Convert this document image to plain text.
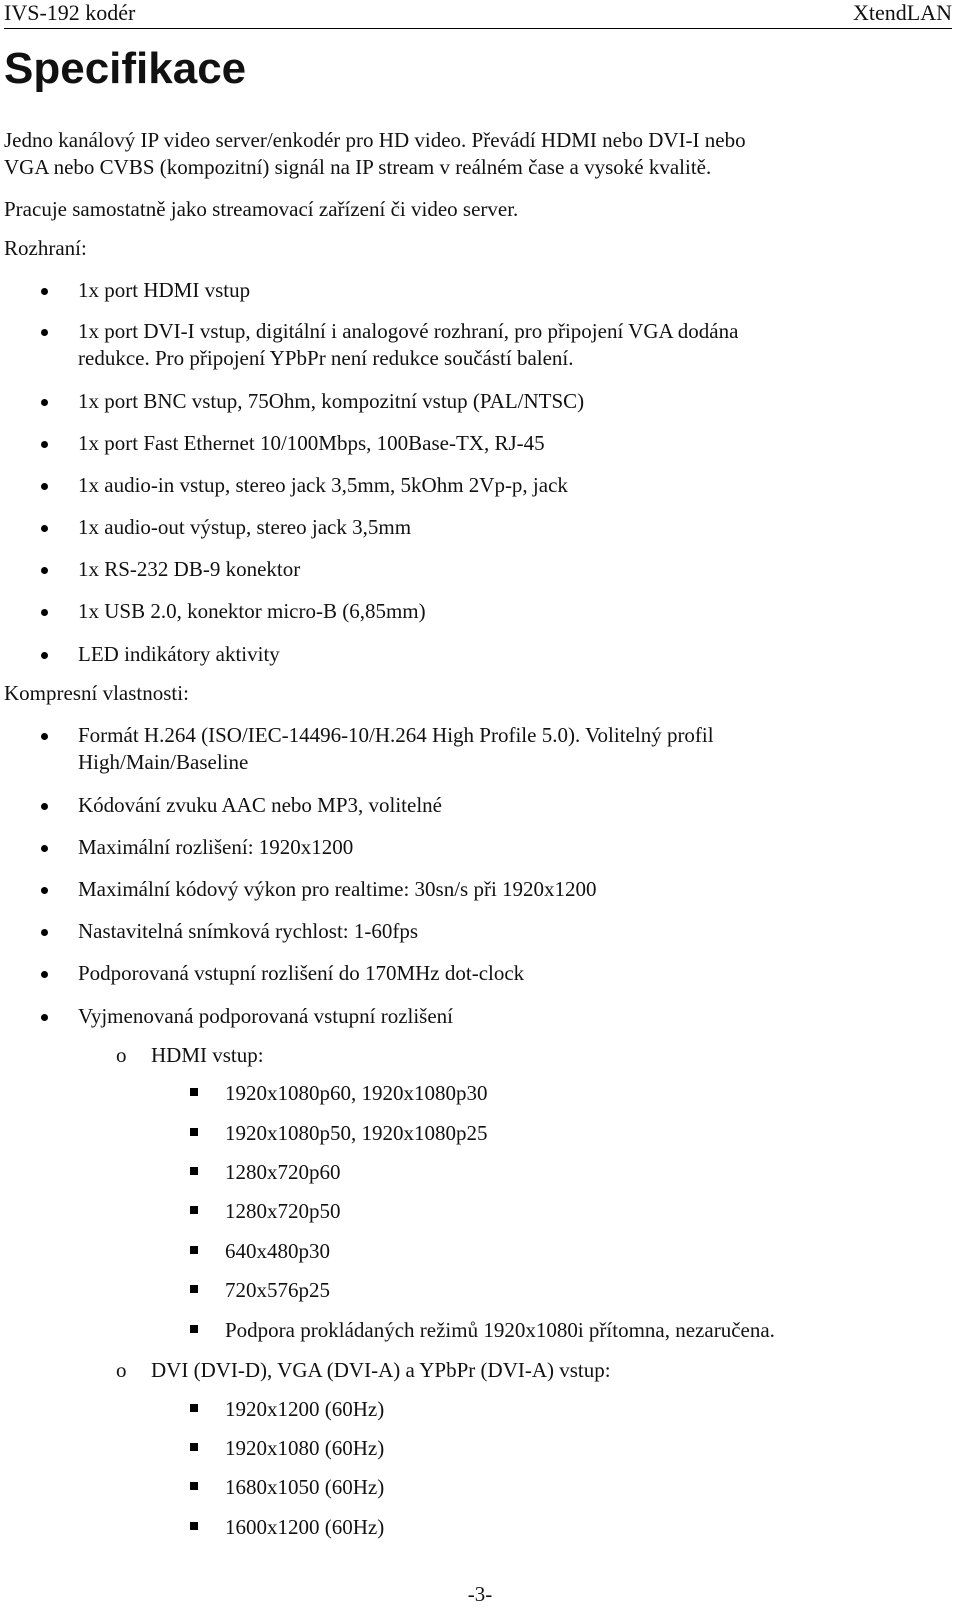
IVS-192 kodér	XtendLAN
Specifikace
Jedno kanálový IP video server/enkodér pro HD video. Převádí HDMI nebo DVI-I nebo
VGA nebo CVBS (kompozitní) signál na IP stream v reálném čase a vysoké kvalitě.
Pracuje samostatně jako streamovací zařízení či video server.
Rozhraní:
1x port HDMI vstup
1x port DVI-I vstup, digitální i analogové rozhraní, pro připojení VGA dodána
redukce. Pro připojení YPbPr není redukce součástí balení.
1x port BNC vstup, 75Ohm, kompozitní vstup (PAL/NTSC)
1x port Fast Ethernet 10/100Mbps, 100Base-TX, RJ-45
1x audio-in vstup, stereo jack 3,5mm, 5kOhm 2Vp-p, jack
1x audio-out výstup, stereo jack 3,5mm
1x RS-232 DB-9 konektor
1x USB 2.0, konektor micro-B (6,85mm)
LED indikátory aktivity
Kompresní vlastnosti:
Formát H.264 (ISO/IEC-14496-10/H.264 High Profile 5.0). Volitelný profil
High/Main/Baseline
Kódování zvuku AAC nebo MP3, volitelné
Maximální rozlišení: 1920x1200
Maximální kódový výkon pro realtime: 30sn/s při 1920x1200
Nastavitelná snímková rychlost: 1-60fps
Podporovaná vstupní rozlišení do 170MHz dot-clock
Vyjmenovaná podporovaná vstupní rozlišení
o HDMI vstup:
1920x1080p60, 1920x1080p30
1920x1080p50, 1920x1080p25
1280x720p60
1280x720p50
640x480p30
720x576p25
Podpora prokládaných režimů 1920x1080i přítomna, nezaručena.
o DVI (DVI-D), VGA (DVI-A) a YPbPr (DVI-A) vstup:
1920x1200 (60Hz)
1920x1080 (60Hz)
1680x1050 (60Hz)
1600x1200 (60Hz)
-3-
